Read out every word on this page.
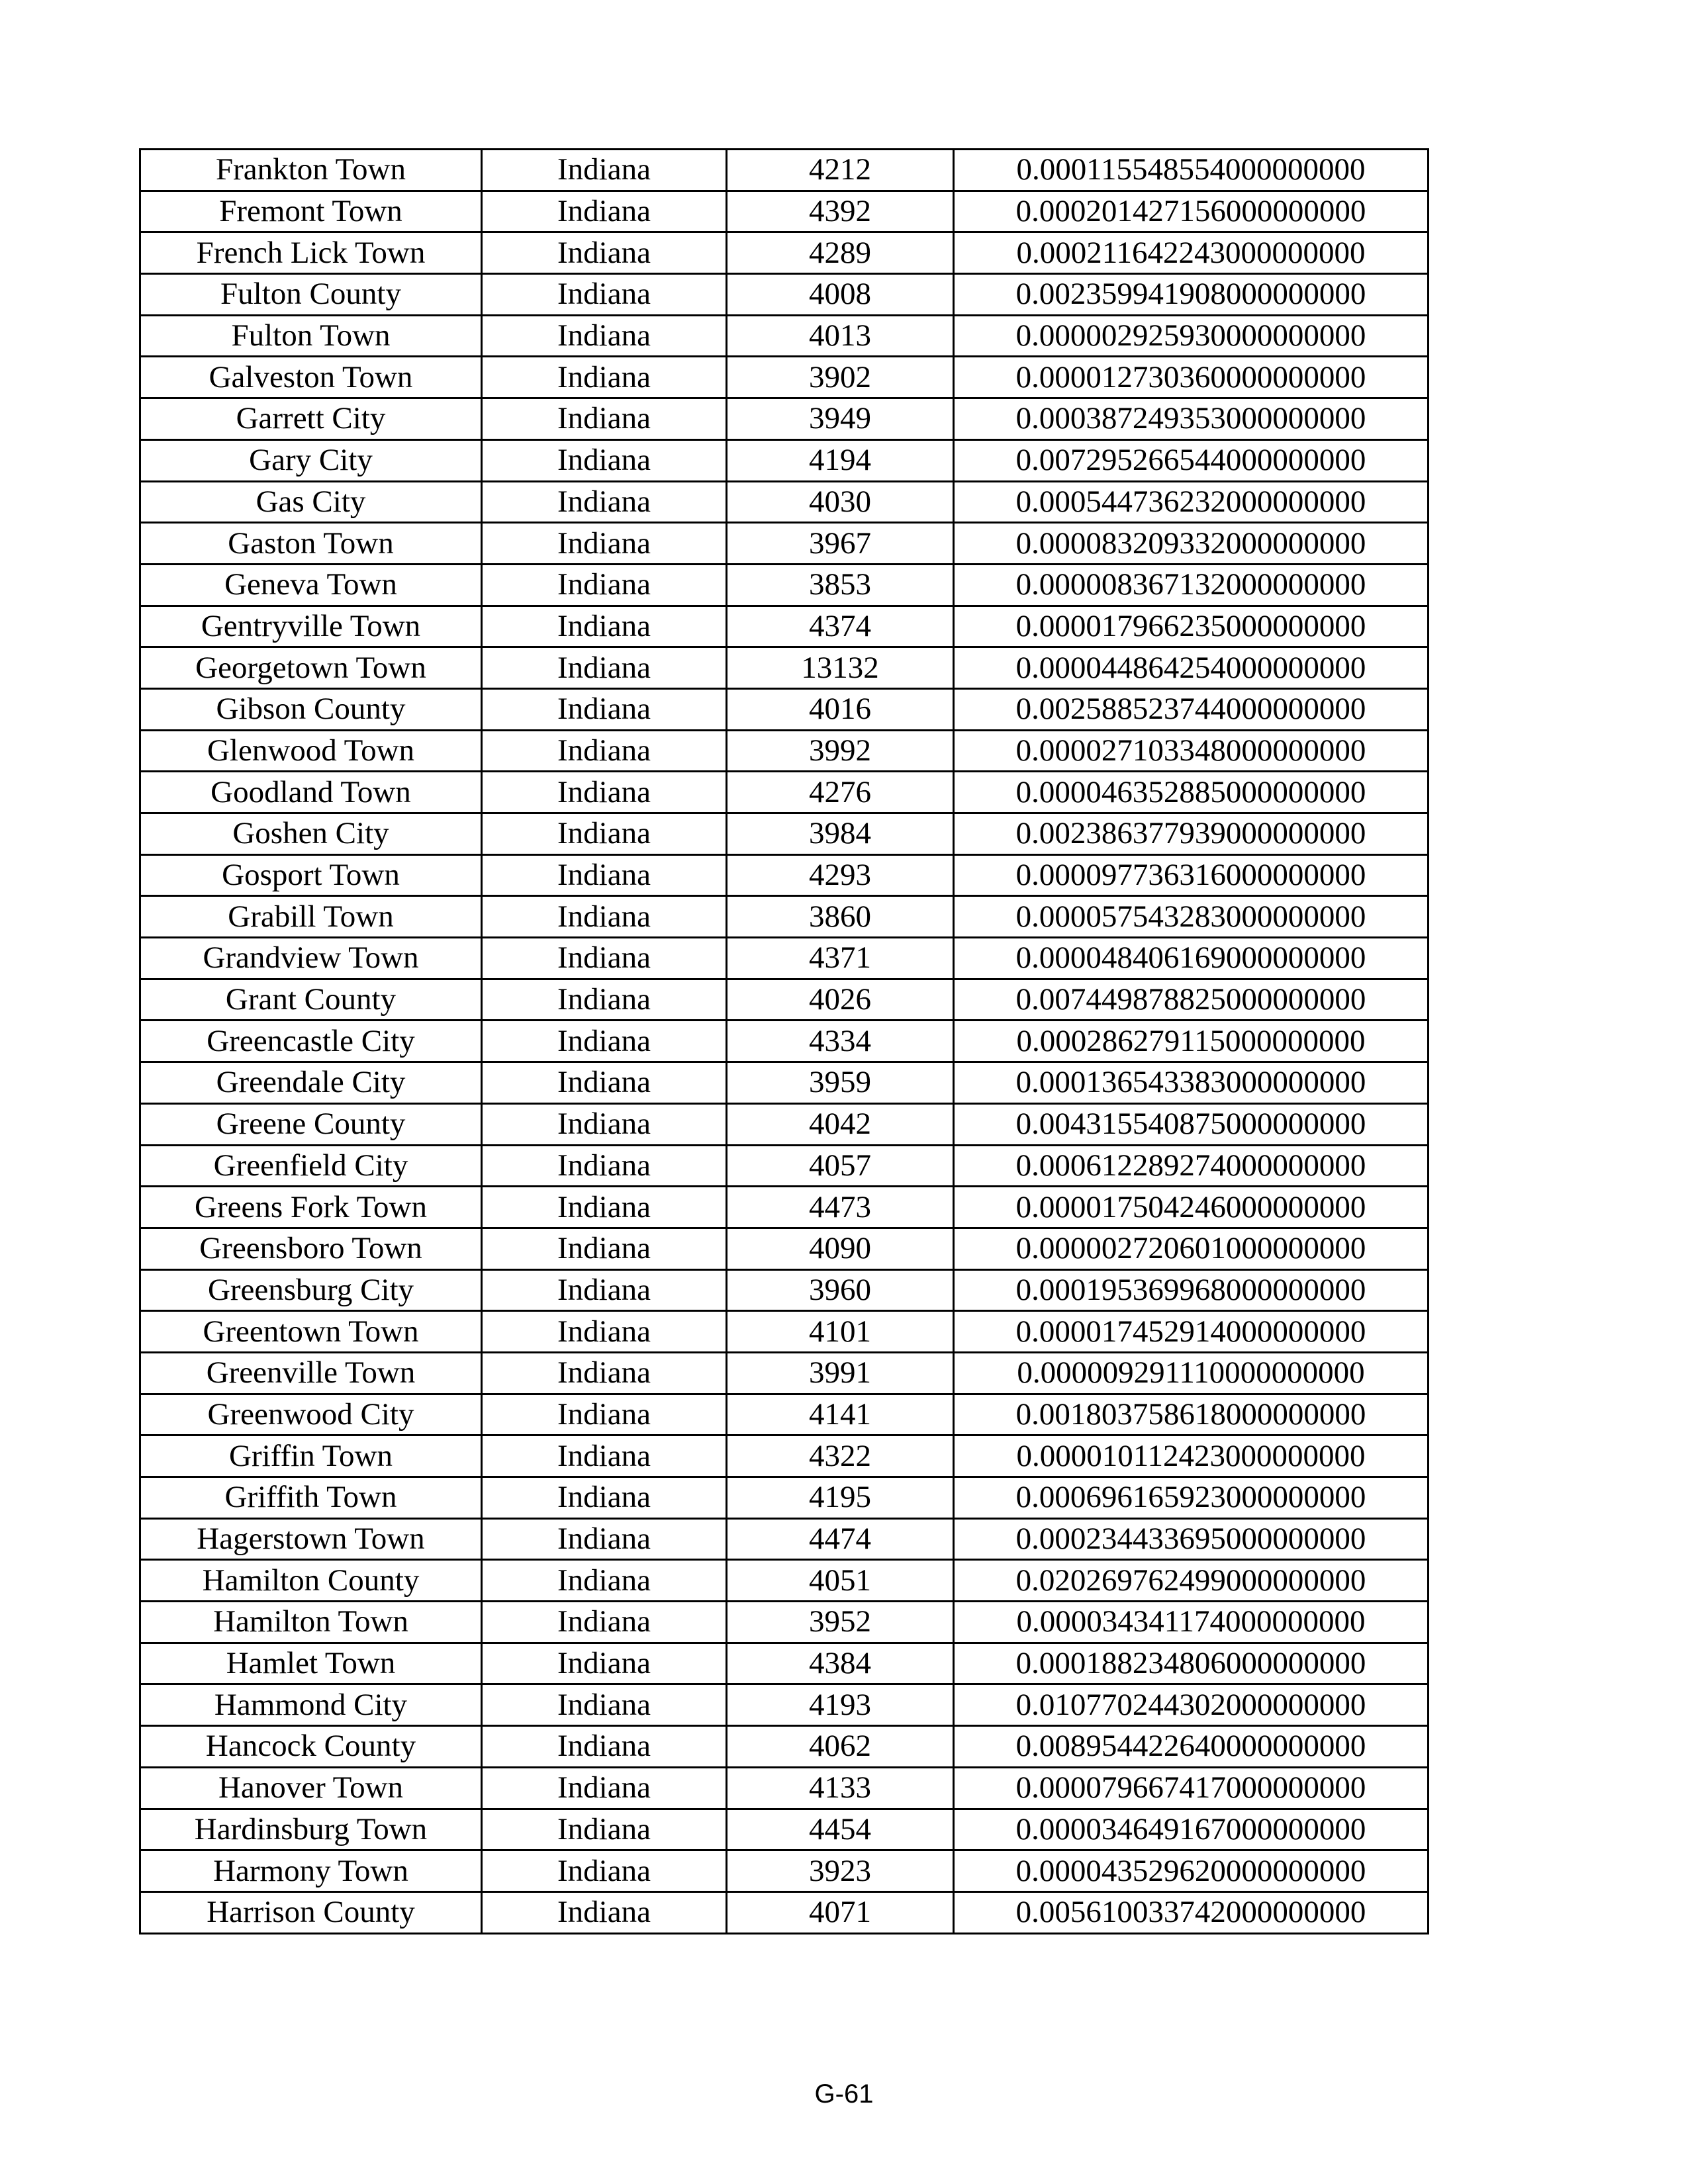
Frankton Town	Indiana	4212	0.000115548554000000000
Fremont Town	Indiana	4392	0.000201427156000000000
French Lick Town	Indiana	4289	0.000211642243000000000
Fulton County	Indiana	4008	0.002359941908000000000
Fulton Town	Indiana	4013	0.000002925930000000000
Galveston Town	Indiana	3902	0.000012730360000000000
Garrett City	Indiana	3949	0.000387249353000000000
Gary City	Indiana	4194	0.007295266544000000000
Gas City	Indiana	4030	0.000544736232000000000
Gaston Town	Indiana	3967	0.000083209332000000000
Geneva Town	Indiana	3853	0.000008367132000000000
Gentryville Town	Indiana	4374	0.000017966235000000000
Georgetown Town	Indiana	13132	0.000044864254000000000
Gibson County	Indiana	4016	0.002588523744000000000
Glenwood Town	Indiana	3992	0.000027103348000000000
Goodland Town	Indiana	4276	0.000046352885000000000
Goshen City	Indiana	3984	0.002386377939000000000
Gosport Town	Indiana	4293	0.000097736316000000000
Grabill Town	Indiana	3860	0.000057543283000000000
Grandview Town	Indiana	4371	0.000048406169000000000
Grant County	Indiana	4026	0.007449878825000000000
Greencastle City	Indiana	4334	0.000286279115000000000
Greendale City	Indiana	3959	0.000136543383000000000
Greene County	Indiana	4042	0.004315540875000000000
Greenfield City	Indiana	4057	0.000612289274000000000
Greens Fork Town	Indiana	4473	0.000017504246000000000
Greensboro Town	Indiana	4090	0.000002720601000000000
Greensburg City	Indiana	3960	0.000195369968000000000
Greentown Town	Indiana	4101	0.000017452914000000000
Greenville Town	Indiana	3991	0.000009291110000000000
Greenwood City	Indiana	4141	0.001803758618000000000
Griffin Town	Indiana	4322	0.000010112423000000000
Griffith Town	Indiana	4195	0.000696165923000000000
Hagerstown Town	Indiana	4474	0.000234433695000000000
Hamilton County	Indiana	4051	0.020269762499000000000
Hamilton Town	Indiana	3952	0.000034341174000000000
Hamlet Town	Indiana	4384	0.000188234806000000000
Hammond City	Indiana	4193	0.010770244302000000000
Hancock County	Indiana	4062	0.008954422640000000000
Hanover Town	Indiana	4133	0.000079667417000000000
Hardinsburg Town	Indiana	4454	0.000034649167000000000
Harmony Town	Indiana	3923	0.000043529620000000000
Harrison County	Indiana	4071	0.005610033742000000000
G-61
